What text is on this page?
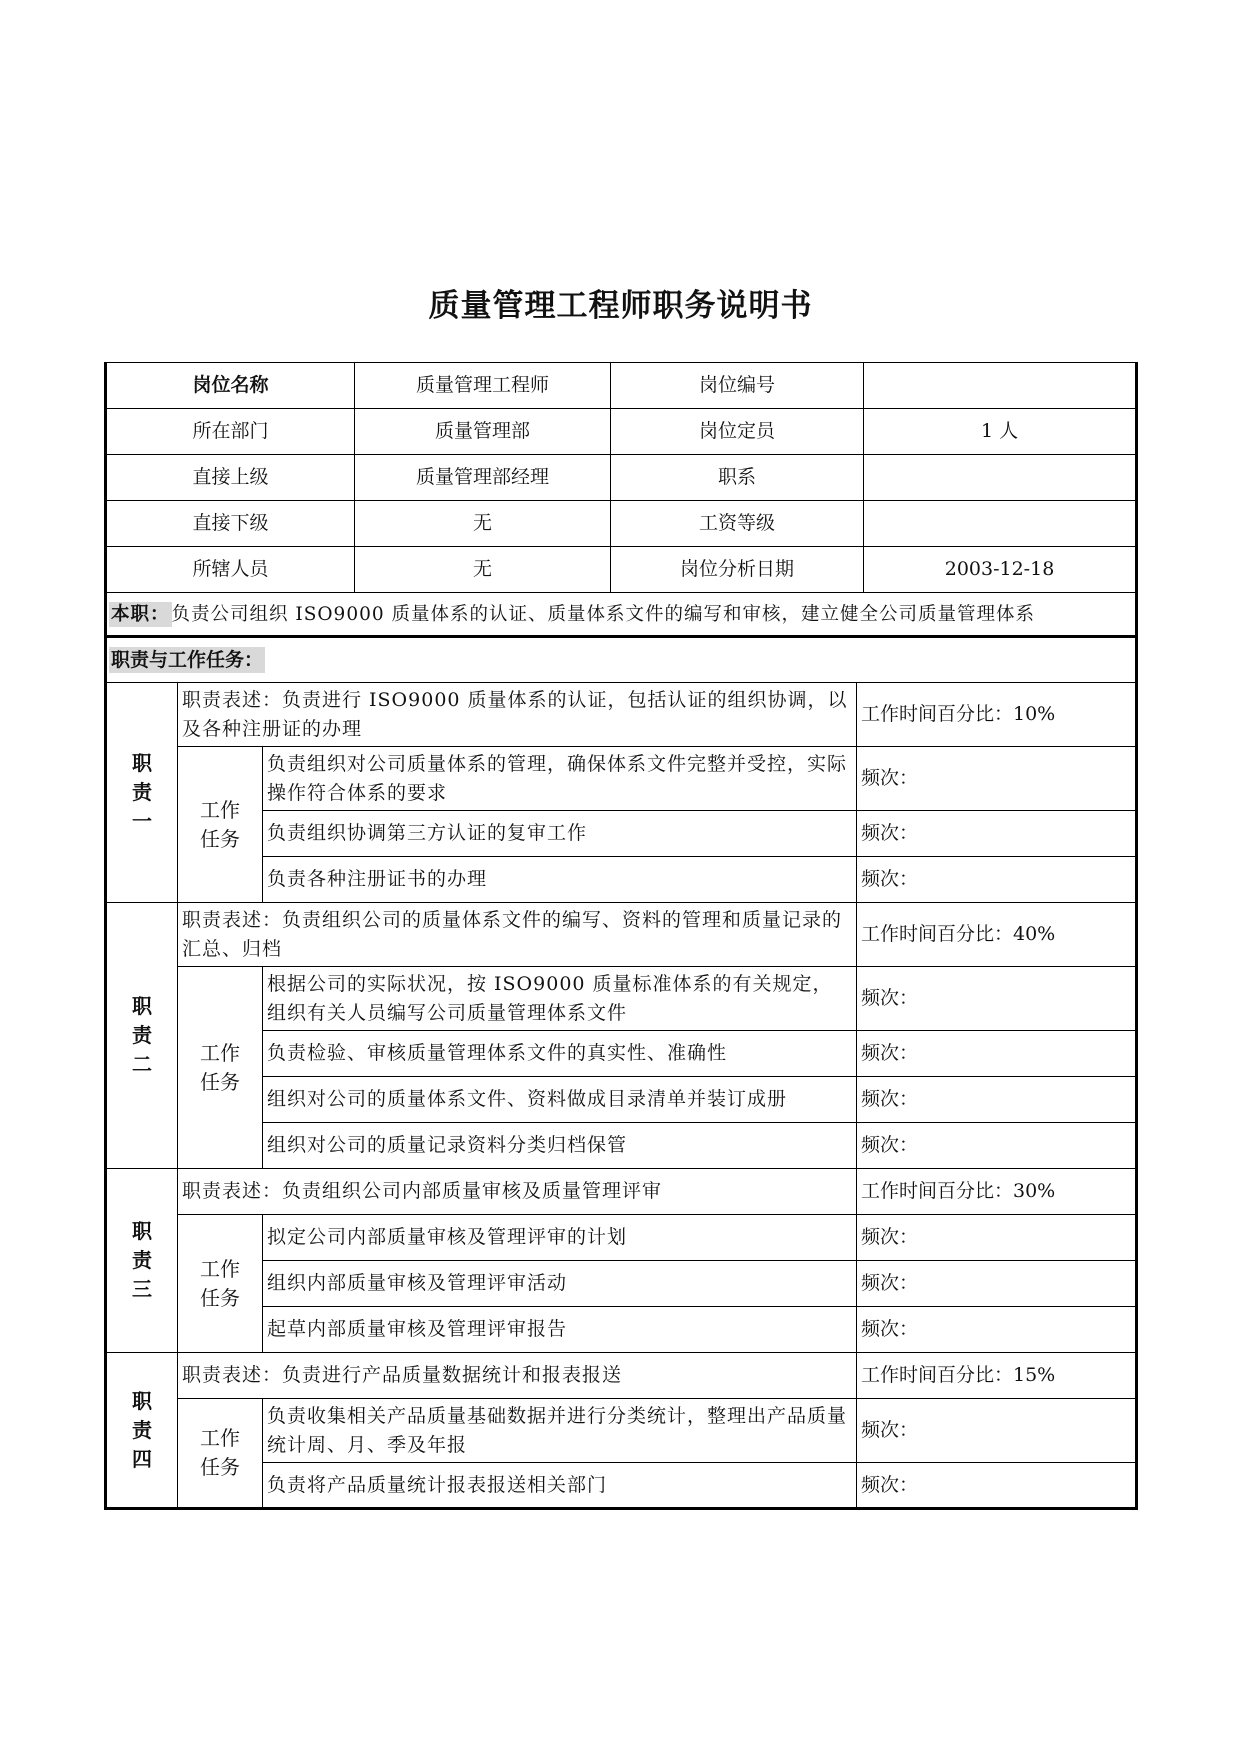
质量管理工程师职务说明书
岗位名称			质量管理工程师	岗位编号		
所在部门			质量管理部	岗位定员		1 人
直接上级			质量管理部经理	职系		
直接下级			无	工资等级		
所辖人员			无	岗位分析日期		2003-12-18
本职： 负责公司组织 ISO9000 质量体系的认证、质量体系文件的编写和审核，建立健全公司质量管理体系						
职责与工作任务：						

职
责
一	职责表述：负责进行 ISO9000 质量体系的认证，包括认证的组织协调，以及各种注册证的办理				工作时间百分比：10%	

	工作
任务	负责组织对公司质量体系的管理，确保体系文件完整并受控，实际操作符合体系的要求			频次：	
		负责组织协调第三方认证的复审工作			频次：	
		负责各种注册证书的办理			频次：	

职
责
二	职责表述：负责组织公司的质量体系文件的编写、资料的管理和质量记录的汇总、归档				工作时间百分比：40%	

	工作
任务	根据公司的实际状况，按 ISO9000 质量标准体系的有关规定，组织有关人员编写公司质量管理体系文件			频次：	
		负责检验、审核质量管理体系文件的真实性、准确性			频次：	
		组织对公司的质量体系文件、资料做成目录清单并装订成册			频次：	
		组织对公司的质量记录资料分类归档保管			频次：	

职
责
三	职责表述：负责组织公司内部质量审核及质量管理评审				工作时间百分比：30%	

	工作
任务	拟定公司内部质量审核及管理评审的计划			频次：	
		组织内部质量审核及管理评审活动			频次：	
		起草内部质量审核及管理评审报告			频次：	

职
责
四	职责表述：负责进行产品质量数据统计和报表报送				工作时间百分比：15%	

	工作
任务	负责收集相关产品质量基础数据并进行分类统计，整理出产品质量统计周、月、季及年报			频次：	
		负责将产品质量统计报表报送相关部门			频次：	
